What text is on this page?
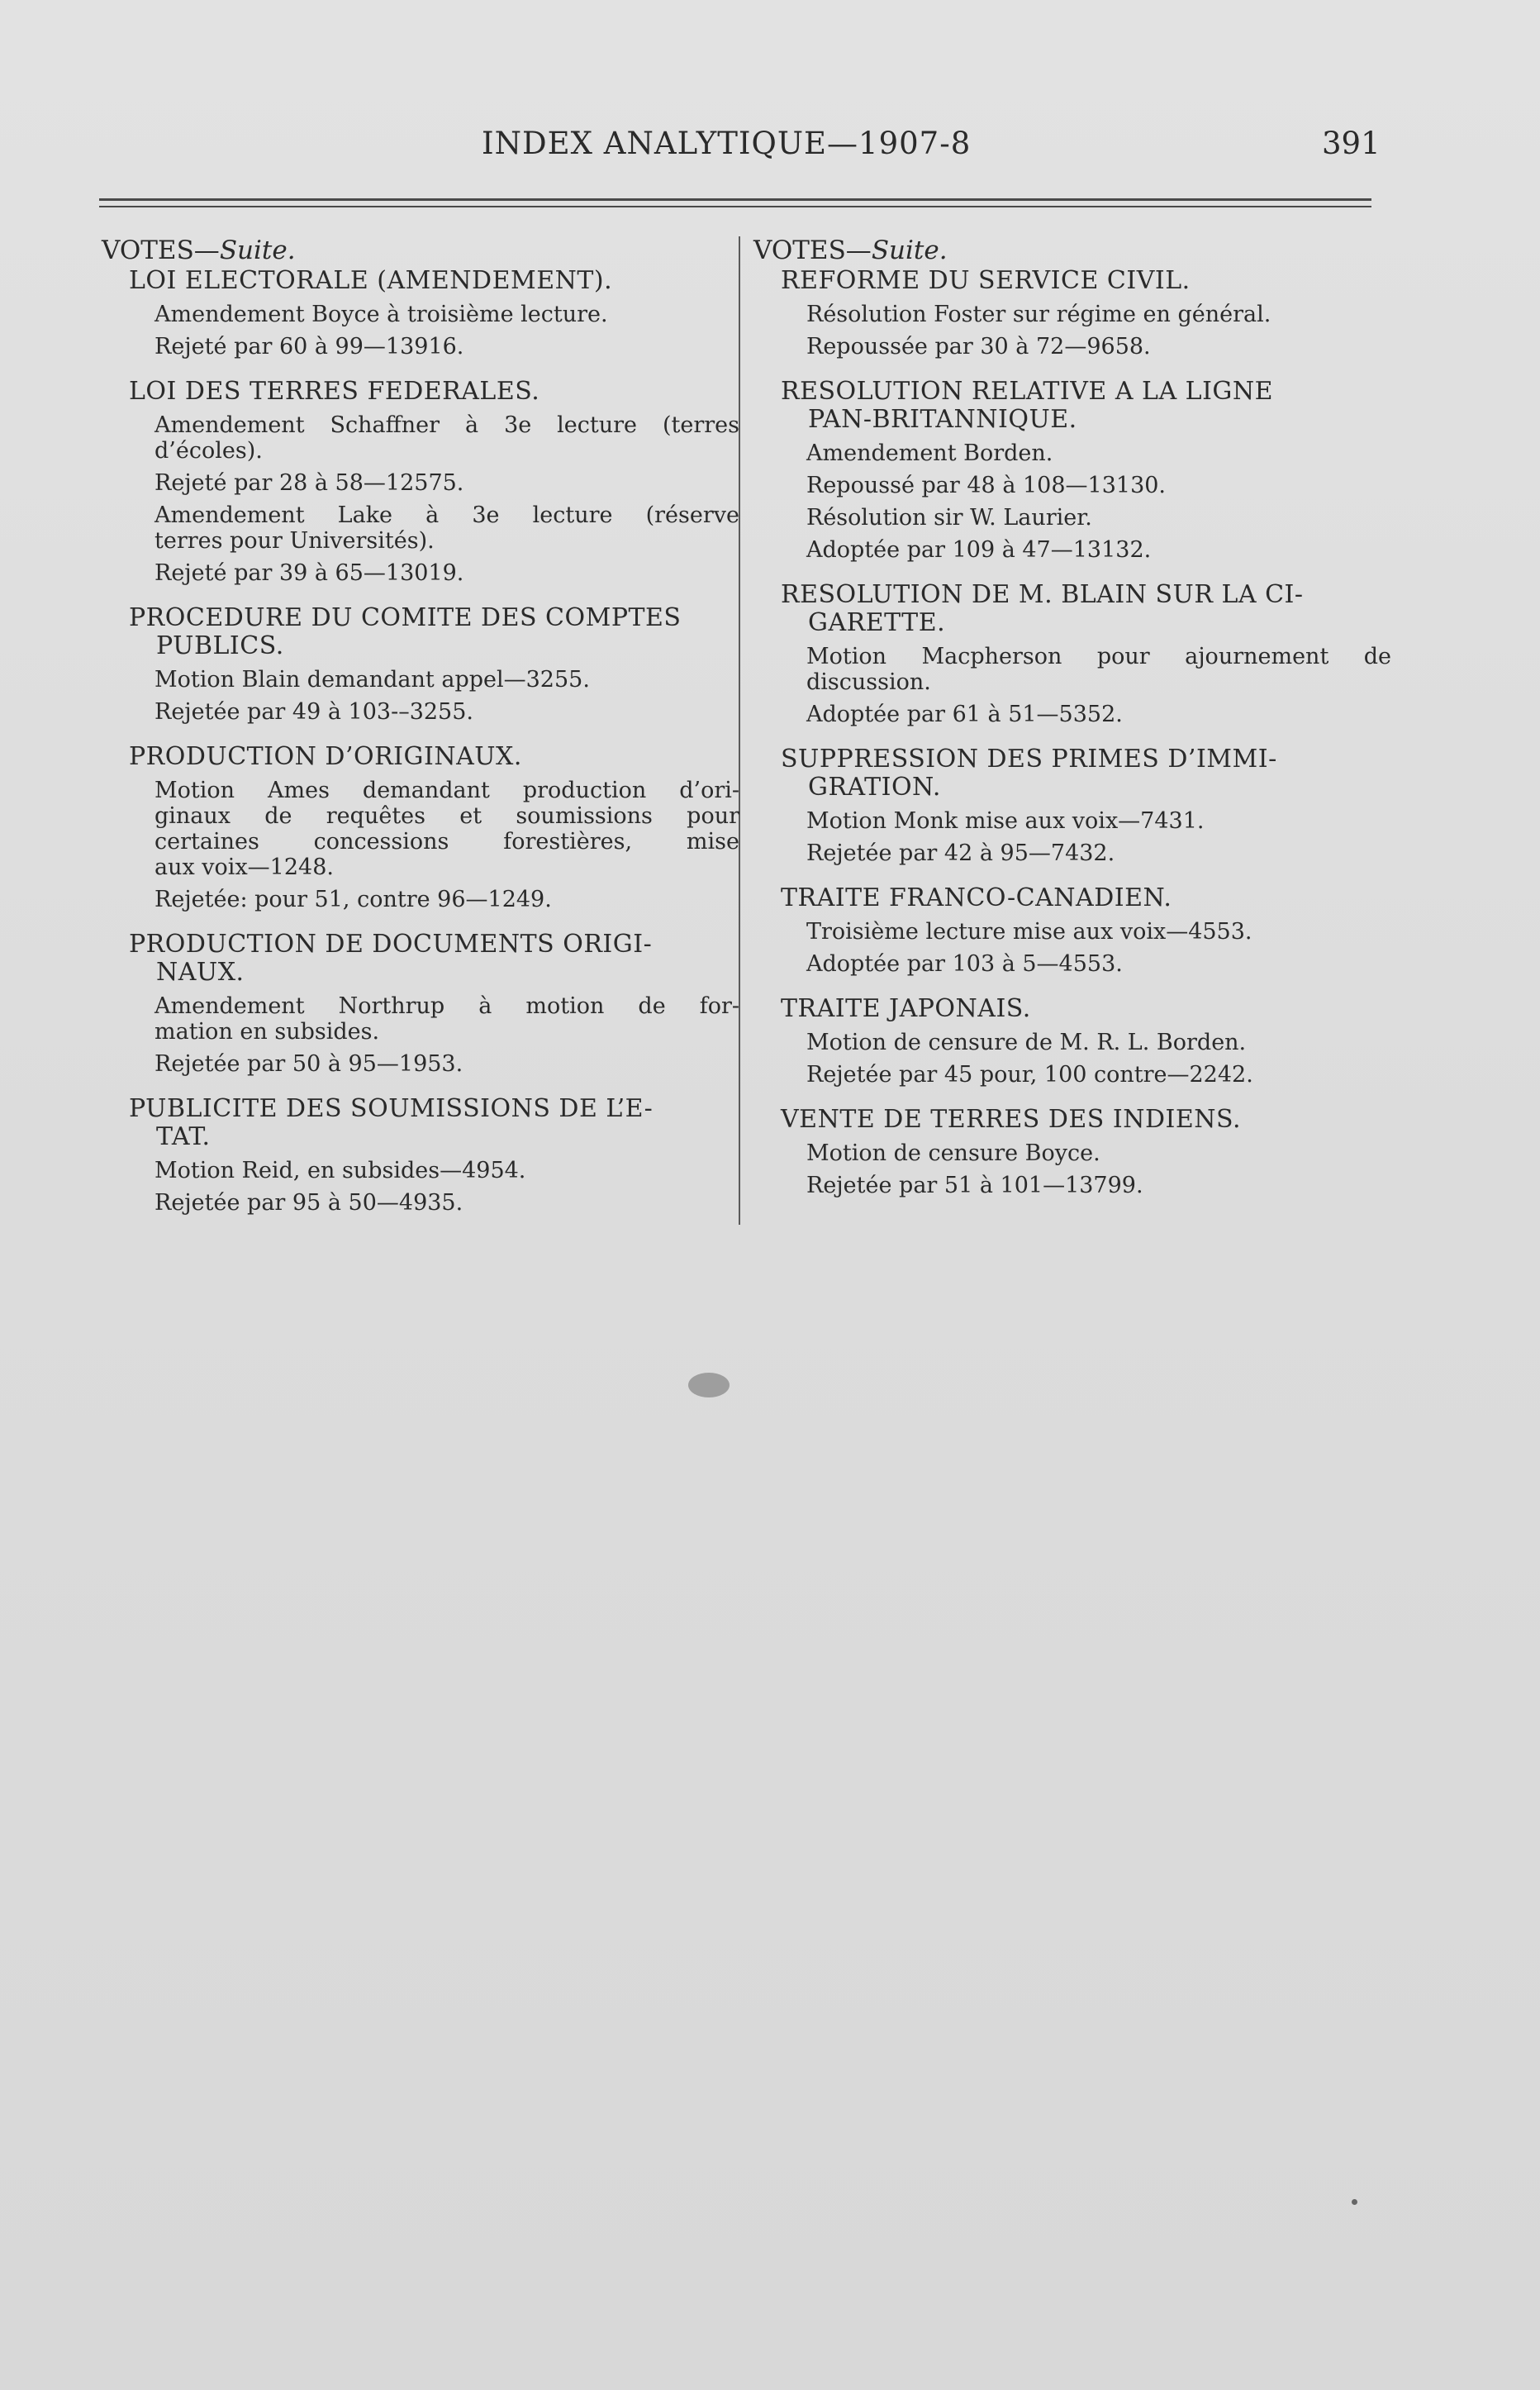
INDEX ANALYTIQUE—1907-8	391
VOTES—Suite.
LOI ELECTORALE (AMENDEMENT).
Amendement Boyce à troisième lecture.
Rejeté par 60 à 99—13916.
LOI DES TERRES FEDERALES.
Amendement Schaffner à 3e lecture (terres
d’écoles).
Rejeté par 28 à 58—12575.
Amendement Lake à 3e lecture (réserve
terres pour Universités).
Rejeté par 39 à 65—13019.
PROCEDURE DU COMITE DES COMPTES
PUBLICS.
Motion Blain demandant appel—3255.
Rejetée par 49 à 103-–3255.
PRODUCTION D’ORIGINAUX.
Motion Ames demandant production d’ori-
ginaux de requêtes et soumissions pour
certaines concessions forestières, mise
aux voix—1248.
Rejetée: pour 51, contre 96—1249.
PRODUCTION DE DOCUMENTS ORIGI-
NAUX.
Amendement Northrup à motion de for-
mation en subsides.
Rejetée par 50 à 95—1953.
PUBLICITE DES SOUMISSIONS DE L’E-
TAT.
Motion Reid, en subsides—4954.
Rejetée par 95 à 50—4935.
VOTES—Suite.
REFORME DU SERVICE CIVIL.
Résolution Foster sur régime en général.
Repoussée par 30 à 72—9658.
RESOLUTION RELATIVE A LA LIGNE
PAN-BRITANNIQUE.
Amendement Borden.
Repoussé par 48 à 108—13130.
Résolution sir W. Laurier.
Adoptée par 109 à 47—13132.
RESOLUTION DE M. BLAIN SUR LA CI-
GARETTE.
Motion Macpherson pour ajournement de
discussion.
Adoptée par 61 à 51—5352.
SUPPRESSION DES PRIMES D’IMMI-
GRATION.
Motion Monk mise aux voix—7431.
Rejetée par 42 à 95—7432.
TRAITE FRANCO-CANADIEN.
Troisième lecture mise aux voix—4553.
Adoptée par 103 à 5—4553.
TRAITE JAPONAIS.
Motion de censure de M. R. L. Borden.
Rejetée par 45 pour, 100 contre—2242.
VENTE DE TERRES DES INDIENS.
Motion de censure Boyce.
Rejetée par 51 à 101—13799.
